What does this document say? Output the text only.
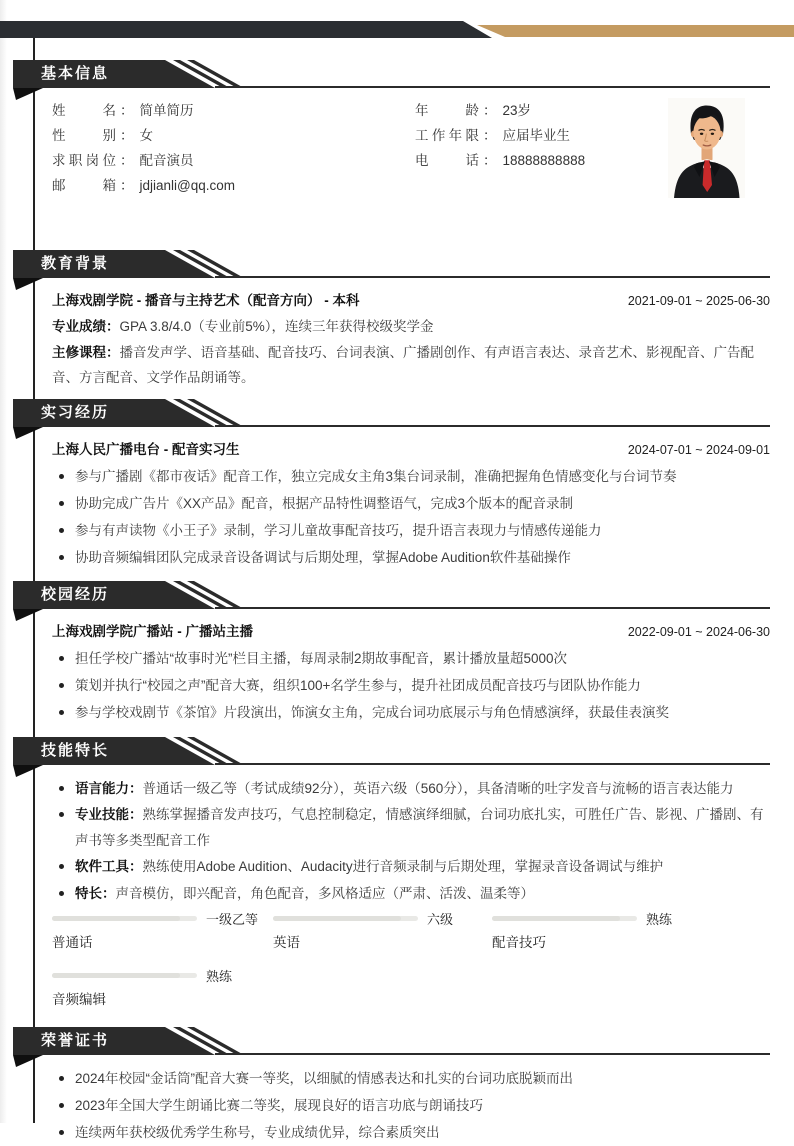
基本信息
姓名 ： 简单简历
性别 ： 女
求职岗位 ： 配音演员
邮箱 ： jdjianli@qq.com
年龄 ： 23岁
工作年限 ： 应届毕业生
电话 ： 18888888888
教育背景
上海戏剧学院 - 播音与主持艺术（配音方向） - 本科	2021-09-01 ~ 2025-06-30
专业成绩：GPA 3.8/4.0（专业前5%），连续三年获得校级奖学金
主修课程：播音发声学、语音基础、配音技巧、台词表演、广播剧创作、有声语言表达、录音艺术、影视配音、广告配音、方言配音、文学作品朗诵等。
实习经历
上海人民广播电台 - 配音实习生	2024-07-01 ~ 2024-09-01
参与广播剧《都市夜话》配音工作，独立完成女主角3集台词录制，准确把握角色情感变化与台词节奏
协助完成广告片《XX产品》配音，根据产品特性调整语气，完成3个版本的配音录制
参与有声读物《小王子》录制，学习儿童故事配音技巧，提升语言表现力与情感传递能力
协助音频编辑团队完成录音设备调试与后期处理，掌握Adobe Audition软件基础操作
校园经历
上海戏剧学院广播站 - 广播站主播	2022-09-01 ~ 2024-06-30
担任学校广播站“故事时光”栏目主播，每周录制2期故事配音，累计播放量超5000次
策划并执行“校园之声”配音大赛，组织100+名学生参与，提升社团成员配音技巧与团队协作能力
参与学校戏剧节《茶馆》片段演出，饰演女主角，完成台词功底展示与角色情感演绎，获最佳表演奖
技能特长
语言能力：普通话一级乙等（考试成绩92分），英语六级（560分），具备清晰的吐字发音与流畅的语言表达能力
专业技能：熟练掌握播音发声技巧，气息控制稳定，情感演绎细腻，台词功底扎实，可胜任广告、影视、广播剧、有声书等多类型配音工作
软件工具：熟练使用Adobe Audition、Audacity进行音频录制与后期处理，掌握录音设备调试与维护
特长：声音模仿，即兴配音，角色配音，多风格适应（严肃、活泼、温柔等）
一级乙等
普通话
六级
英语
熟练
配音技巧
熟练
音频编辑
荣誉证书
2024年校园“金话筒”配音大赛一等奖，以细腻的情感表达和扎实的台词功底脱颖而出
2023年全国大学生朗诵比赛二等奖，展现良好的语言功底与朗诵技巧
连续两年获校级优秀学生称号，专业成绩优异，综合素质突出
